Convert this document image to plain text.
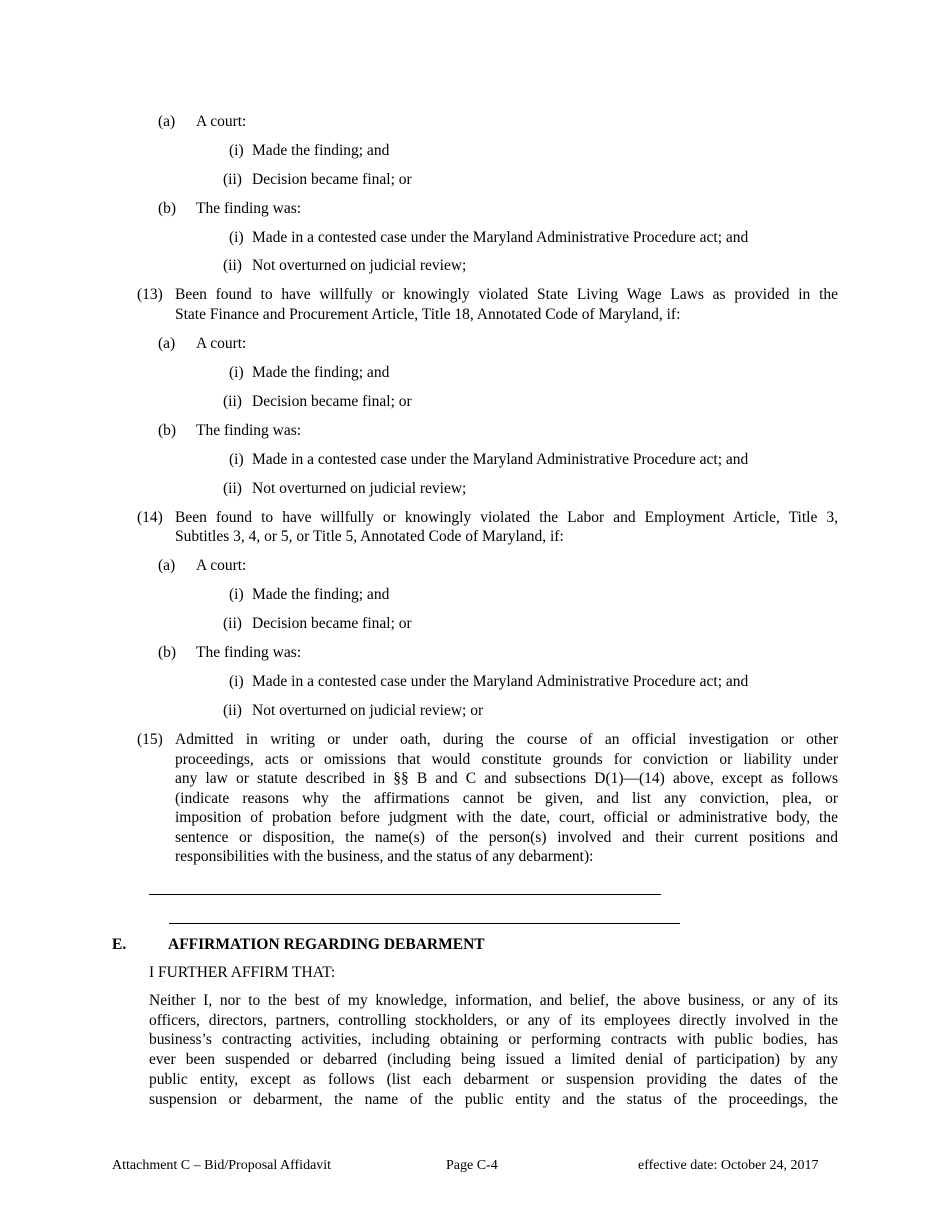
(a) A court:
(i) Made the finding; and
(ii) Decision became final; or
(b) The finding was:
(i) Made in a contested case under the Maryland Administrative Procedure act; and
(ii) Not overturned on judicial review;
(13) Been found to have willfully or knowingly violated State Living Wage Laws as provided in the
State Finance and Procurement Article, Title 18, Annotated Code of Maryland, if:
(a) A court:
(i) Made the finding; and
(ii) Decision became final; or
(b) The finding was:
(i) Made in a contested case under the Maryland Administrative Procedure act; and
(ii) Not overturned on judicial review;
(14) Been found to have willfully or knowingly violated the Labor and Employment Article, Title 3,
Subtitles 3, 4, or 5, or Title 5, Annotated Code of Maryland, if:
(a) A court:
(i) Made the finding; and
(ii) Decision became final; or
(b) The finding was:
(i) Made in a contested case under the Maryland Administrative Procedure act; and
(ii) Not overturned on judicial review; or
(15) Admitted in writing or under oath, during the course of an official investigation or other
proceedings, acts or omissions that would constitute grounds for conviction or liability under
any law or statute described in §§ B and C and subsections D(1)—(14) above, except as follows
(indicate reasons why the affirmations cannot be given, and list any conviction, plea, or
imposition of probation before judgment with the date, court, official or administrative body, the
sentence or disposition, the name(s) of the person(s) involved and their current positions and
responsibilities with the business, and the status of any debarment):
E.	AFFIRMATION REGARDING DEBARMENT
I FURTHER AFFIRM THAT:
Neither I, nor to the best of my knowledge, information, and belief, the above business, or any of its
officers, directors, partners, controlling stockholders, or any of its employees directly involved in the
business’s contracting activities, including obtaining or performing contracts with public bodies, has
ever been suspended or debarred (including being issued a limited denial of participation) by any
public entity, except as follows (list each debarment or suspension providing the dates of the
suspension or debarment, the name of the public entity and the status of the proceedings, the
Attachment C – Bid/Proposal Affidavit	Page C-4	effective date: October 24, 2017
